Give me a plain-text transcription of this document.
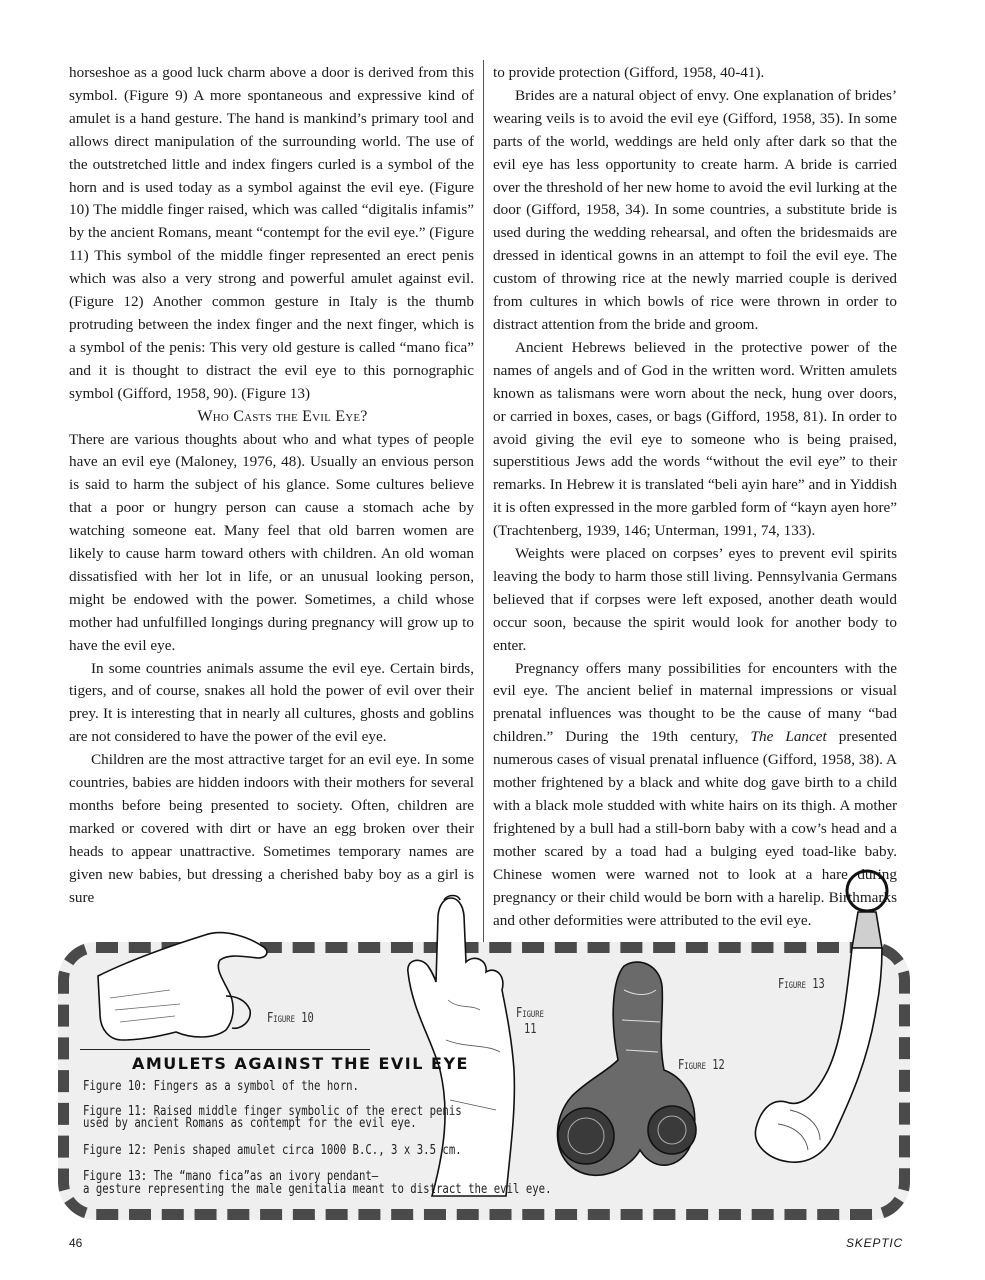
horseshoe as a good luck charm above a door is derived from this symbol. (Figure 9) A more spontaneous and expressive kind of amulet is a hand gesture. The hand is mankind’s primary tool and allows direct manipulation of the surrounding world. The use of the outstretched little and index fingers curled is a symbol of the horn and is used today as a symbol against the evil eye. (Figure 10) The middle finger raised, which was called “digitalis infamis” by the ancient Romans, meant “contempt for the evil eye.” (Figure 11) This symbol of the middle finger represented an erect penis which was also a very strong and powerful amulet against evil. (Figure 12) Another common gesture in Italy is the thumb protruding between the index finger and the next finger, which is a symbol of the penis: This very old gesture is called “mano fica” and it is thought to distract the evil eye to this pornographic symbol (Gifford, 1958, 90). (Figure 13)

Who Casts the Evil Eye?

There are various thoughts about who and what types of people have an evil eye (Maloney, 1976, 48). Usually an envious person is said to harm the subject of his glance. Some cultures believe that a poor or hungry person can cause a stomach ache by watching someone eat. Many feel that old barren women are likely to cause harm toward others with children. An old woman dissatisfied with her lot in life, or an unusual looking person, might be endowed with the power. Sometimes, a child whose mother had unfulfilled longings during pregnancy will grow up to have the evil eye.

In some countries animals assume the evil eye. Certain birds, tigers, and of course, snakes all hold the power of evil over their prey. It is interesting that in nearly all cultures, ghosts and goblins are not considered to have the power of the evil eye.

Children are the most attractive target for an evil eye. In some countries, babies are hidden indoors with their mothers for several months before being presented to society. Often, children are marked or covered with dirt or have an egg broken over their heads to appear unattractive. Sometimes temporary names are given new babies, but dressing a cherished baby boy as a girl is sure

to provide protection (Gifford, 1958, 40-41).

Brides are a natural object of envy. One explanation of brides’ wearing veils is to avoid the evil eye (Gifford, 1958, 35). In some parts of the world, weddings are held only after dark so that the evil eye has less opportunity to create harm. A bride is carried over the threshold of her new home to avoid the evil lurking at the door (Gifford, 1958, 34). In some countries, a substitute bride is used during the wedding rehearsal, and often the bridesmaids are dressed in identical gowns in an attempt to foil the evil eye. The custom of throwing rice at the newly married couple is derived from cultures in which bowls of rice were thrown in order to distract attention from the bride and groom.

Ancient Hebrews believed in the protective power of the names of angels and of God in the written word. Written amulets known as talismans were worn about the neck, hung over doors, or carried in boxes, cases, or bags (Gifford, 1958, 81). In order to avoid giving the evil eye to someone who is being praised, superstitious Jews add the words “without the evil eye” to their remarks. In Hebrew it is translated “beli ayin hare” and in Yiddish it is often expressed in the more garbled form of “kayn ayen hore” (Trachtenberg, 1939, 146; Unterman, 1991, 74, 133).

Weights were placed on corpses’ eyes to prevent evil spirits leaving the body to harm those still living. Pennsylvania Germans believed that if corpses were left exposed, another death would occur soon, because the spirit would look for another body to enter.

Pregnancy offers many possibilities for encounters with the evil eye. The ancient belief in maternal impressions or visual prenatal influences was thought to be the cause of many “bad children.” During the 19th century, The Lancet presented numerous cases of visual prenatal influence (Gifford, 1958, 38). A mother frightened by a black and white dog gave birth to a child with a black mole studded with white hairs on its thigh. A mother frightened by a bull had a still-born baby with a cow’s head and a mother scared by a toad had a bulging eyed toad-like baby. Chinese women were warned not to look at a hare during pregnancy or their child would be born with a harelip. Birthmarks and other deformities were attributed to the evil eye.

Figure 10	Figure
11
Figure 12
Figure 13
AMULETS AGAINST THE EVIL EYE
Figure 10: Fingers as a symbol of the horn.
Figure 11: Raised middle finger symbolic of the erect penis
used by ancient Romans as contempt for the evil eye.
Figure 12: Penis shaped amulet circa 1000 B.C., 3 x 3.5 cm.
Figure 13: The “mano fica”as an ivory pendant—
a gesture representing the male genitalia meant to distract the evil eye.
46	SKEPTIC
